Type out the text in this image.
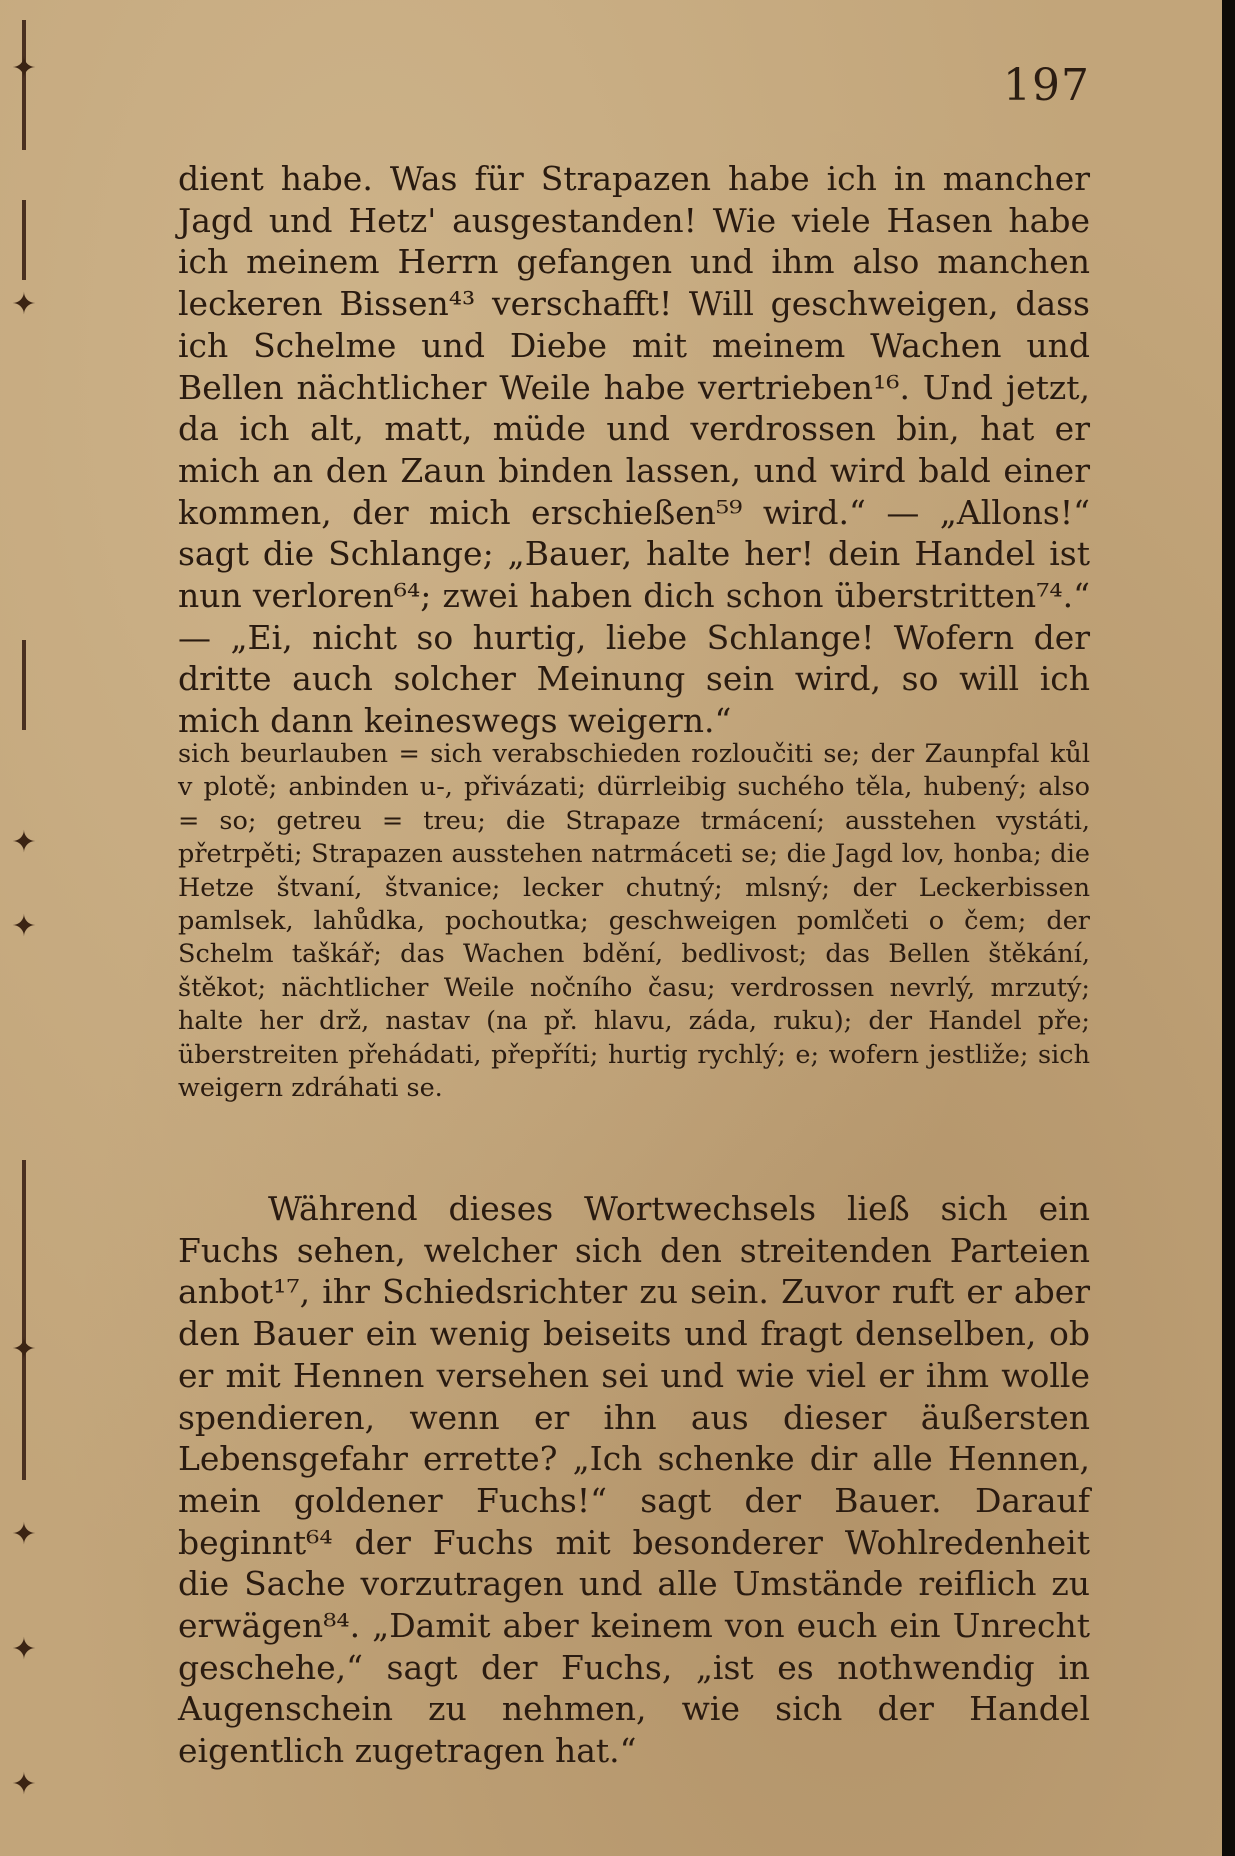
✦
✦
✦
✦
✦
✦
✦
✦
197

dient habe. Was für Strapazen habe ich in mancher Jagd und Hetz' ausgestanden! Wie viele Hasen habe ich meinem Herrn gefangen und ihm also manchen leckeren Bissen⁴³ verschafft! Will geschweigen, dass ich Schelme und Diebe mit meinem Wachen und Bellen nächtlicher Weile habe vertrieben¹⁶. Und jetzt, da ich alt, matt, müde und verdrossen bin, hat er mich an den Zaun binden lassen, und wird bald einer kommen, der mich erschießen⁵⁹ wird.“ — „Allons!“ sagt die Schlange; „Bauer, halte her! dein Handel ist nun verloren⁶⁴; zwei haben dich schon überstritten⁷⁴.“ — „Ei, nicht so hurtig, liebe Schlange! Wofern der dritte auch solcher Meinung sein wird, so will ich mich dann keineswegs weigern.“

sich beurlauben = sich verabschieden rozloučiti se; der Zaunpfal kůl v plotě; anbinden u-, přivázati; dürrleibig suchého těla, hubený; also = so; getreu = treu; die Strapaze trmácení; ausstehen vystáti, přetrpěti; Strapazen ausstehen natrmáceti se; die Jagd lov, honba; die Hetze štvaní, štvanice; lecker chutný; mlsný; der Leckerbissen pamlsek, lahůdka, pochoutka; geschweigen pomlčeti o čem; der Schelm taškář; das Wachen bdění, bedlivost; das Bellen štěkání, štěkot; nächtlicher Weile nočního času; verdrossen nevrlý, mrzutý; halte her drž, nastav (na př. hlavu, záda, ruku); der Handel pře; überstreiten přehádati, přepříti; hurtig rychlý; e; wofern jestliže; sich weigern zdráhati se.

Während dieses Wortwechsels ließ sich ein Fuchs sehen, welcher sich den streitenden Parteien anbot¹⁷, ihr Schiedsrichter zu sein. Zuvor ruft er aber den Bauer ein wenig beiseits und fragt denselben, ob er mit Hennen versehen sei und wie viel er ihm wolle spendieren, wenn er ihn aus dieser äußersten Lebensgefahr errette? „Ich schenke dir alle Hennen, mein goldener Fuchs!“ sagt der Bauer. Darauf beginnt⁶⁴ der Fuchs mit besonderer Wohlredenheit die Sache vorzutragen und alle Umstände reiflich zu erwägen⁸⁴. „Damit aber keinem von euch ein Unrecht geschehe,“ sagt der Fuchs, „ist es nothwendig in Augenschein zu nehmen, wie sich der Handel eigentlich zugetragen hat.“
